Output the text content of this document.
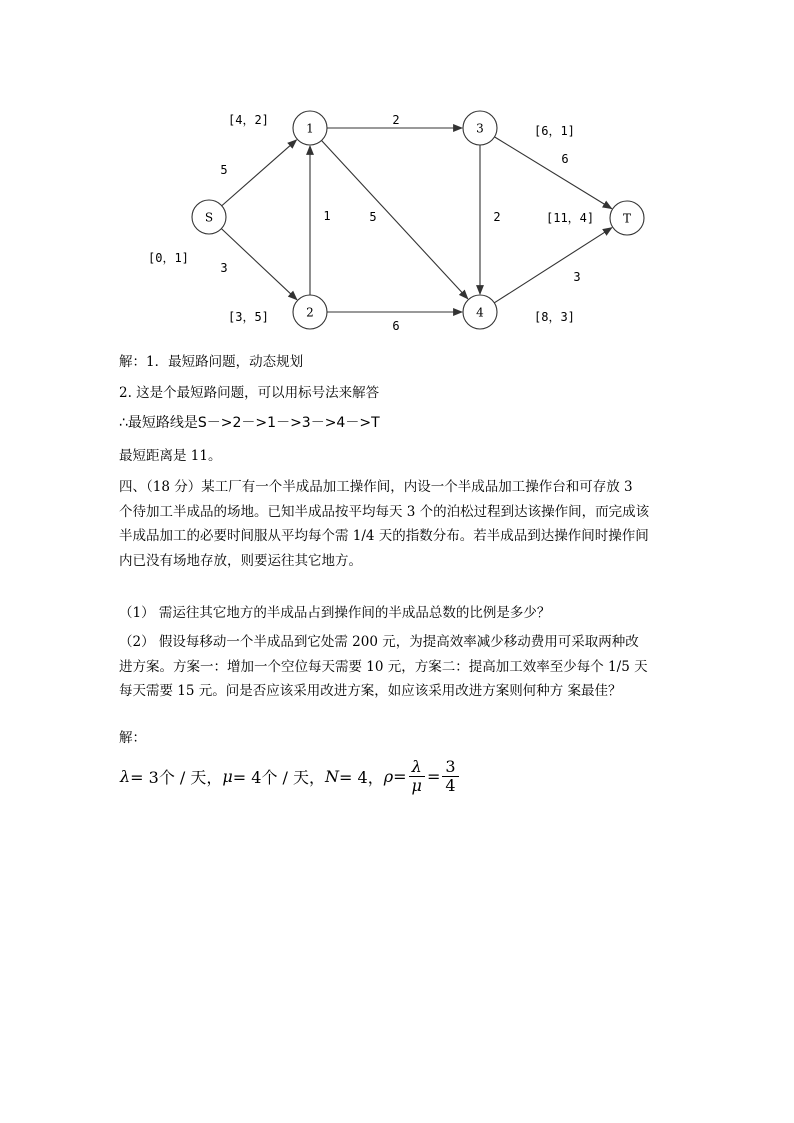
S
1
2
3
4
T
5
3
1
2
5
6
2
6
3
[0，1]
[4，2]
[3，5]
[6，1]
[8，3]
[11，4]
解：1．最短路问题，动态规划
2. 这是个最短路问题，可以用标号法来解答
∴最短路线是S－>2－>1－>3－>4－>T
最短距离是 11。
四、（18 分）某工厂有一个半成品加工操作间，内设一个半成品加工操作台和可存放 3
个待加工半成品的场地。已知半成品按平均每天 3 个的泊松过程到达该操作间，而完成该
半成品加工的必要时间服从平均每个需 1/4 天的指数分布。若半成品到达操作间时操作间
内已没有场地存放，则要运往其它地方。
（1） 需运往其它地方的半成品占到操作间的半成品总数的比例是多少？
（2） 假设每移动一个半成品到它处需 200 元，为提高效率减少移动费用可采取两种改
进方案。方案一：增加一个空位每天需要 10 元，方案二：提高加工效率至少每个 1/5 天
每天需要 15 元。问是否应该采用改进方案，如应该采用改进方案则何种方 案最佳？
解：
λ = 3个 / 天， μ = 4个 / 天， N = 4， $\rho = \frac{\lambda}{\mu} = \frac{3}{4}$
